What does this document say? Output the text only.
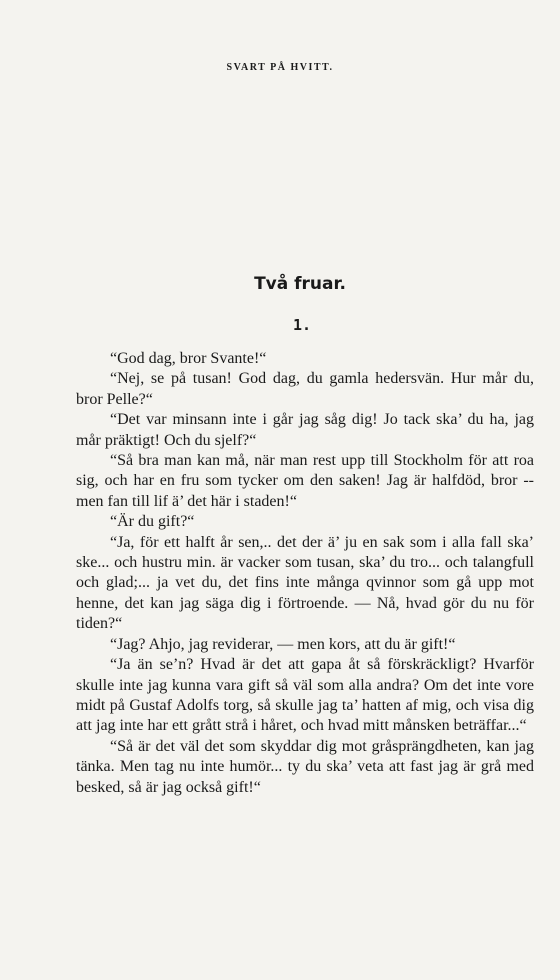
SVART PÅ HVITT.
Två fruar.
1.

“God dag, bror Svante!“

“Nej, se på tusan! God dag, du gamla hedersvän. Hur mår du, bror Pelle?“

“Det var minsann inte i går jag såg dig! Jo tack ska’ du ha, jag mår präktigt! Och du sjelf?“

“Så bra man kan må, när man rest upp till Stockholm för att roa sig, och har en fru som tycker om den saken! Jag är halfdöd, bror -- men fan till lif ä’ det här i staden!“

“Är du gift?“

“Ja, för ett halft år sen,.. det der ä’ ju en sak som i alla fall ska’ ske... och hustru min. är vacker som tusan, ska’ du tro... och talangfull och glad;... ja vet du, det fins inte många qvinnor som gå upp mot henne, det kan jag säga dig i förtroende. — Nå, hvad gör du nu för tiden?“

“Jag? Ahjo, jag reviderar, — men kors, att du är gift!“

“Ja än se’n? Hvad är det att gapa åt så förskräckligt? Hvarför skulle inte jag kunna vara gift så väl som alla andra? Om det inte vore midt på Gustaf Adolfs torg, så skulle jag ta’ hatten af mig, och visa dig att jag inte har ett grått strå i håret, och hvad mitt månsken beträffar...“

“Så är det väl det som skyddar dig mot gråsprängdheten, kan jag tänka. Men tag nu inte humör... ty du ska’ veta att fast jag är grå med besked, så är jag också gift!“
